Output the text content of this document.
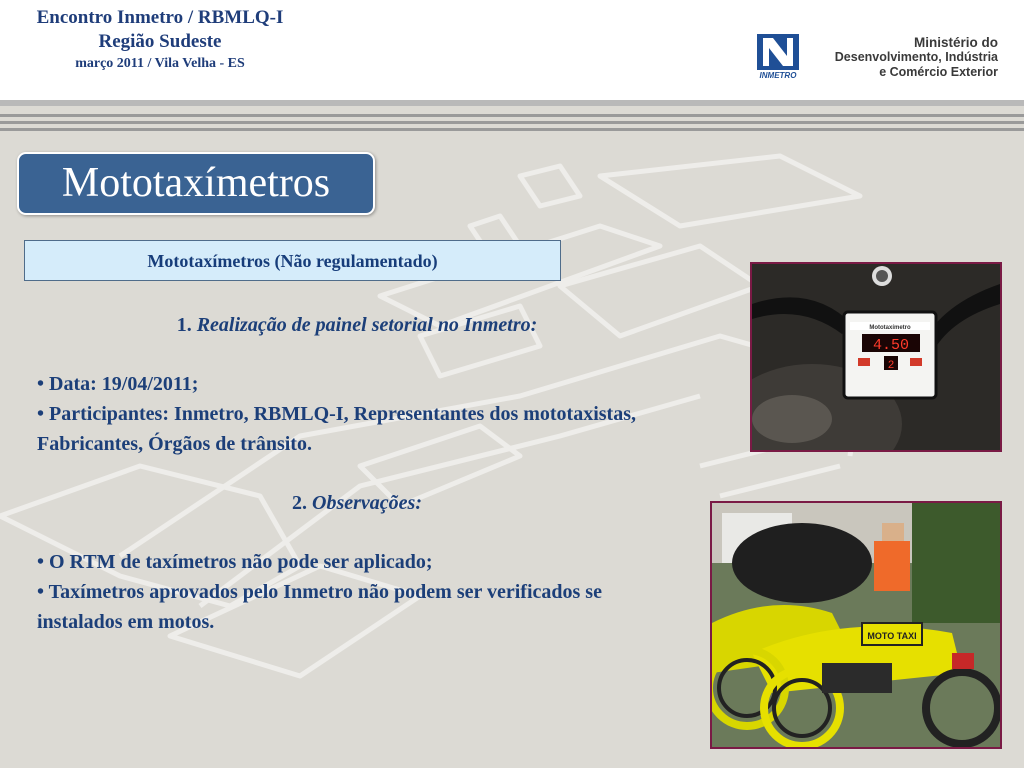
Encontro Inmetro / RBMLQ-I
Região Sudeste
março 2011 / Vila Velha - ES
INMETRO
Ministério do
Desenvolvimento, Indústria
e Comércio Exterior
Mototaxímetros
Mototaxímetros (Não regulamentado)
1. Realização de painel setorial no Inmetro:
• Data: 19/04/2011;
• Participantes: Inmetro, RBMLQ-I, Representantes dos mototaxistas, Fabricantes, Órgãos de trânsito.
2. Observações:
• O RTM de taxímetros não pode ser aplicado;
• Taxímetros aprovados pelo Inmetro não podem ser verificados se instalados em motos.
Mototaxímetro
4.50
2
MOTO TAXI
